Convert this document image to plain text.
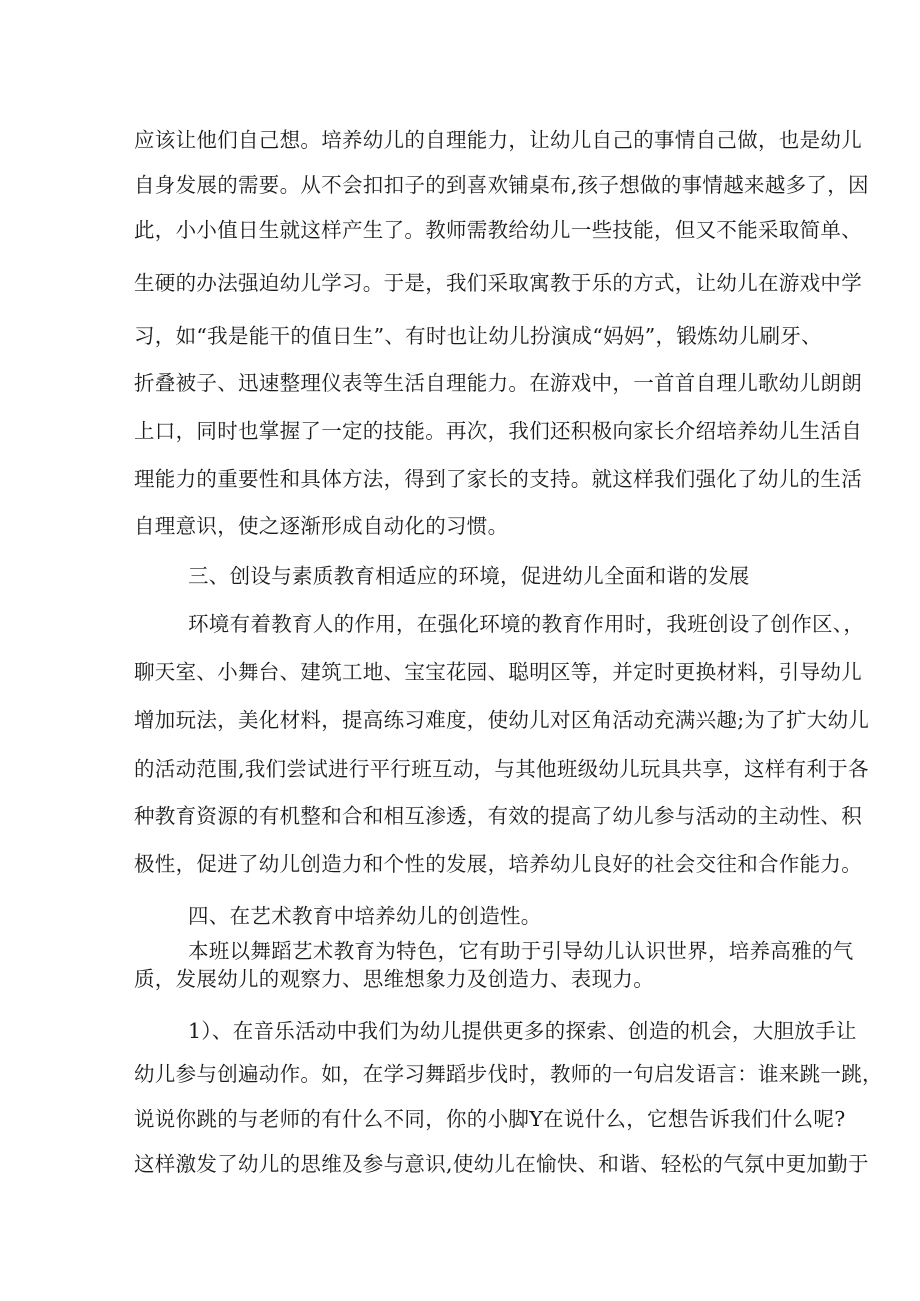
应该让他们自己想。培养幼儿的自理能力，让幼儿自己的事情自己做，也是幼儿
自身发展的需要。从不会扣扣子的到喜欢铺桌布,孩子想做的事情越来越多了，因
此，小小值日生就这样产生了。教师需教给幼儿一些技能，但又不能采取简单、
生硬的办法强迫幼儿学习。于是，我们采取寓教于乐的方式，让幼儿在游戏中学
习，如“我是能干的值日生”、有时也让幼儿扮演成“妈妈”，锻炼幼儿刷牙、
折叠被子、迅速整理仪表等生活自理能力。在游戏中，一首首自理儿歌幼儿朗朗
上口，同时也掌握了一定的技能。再次，我们还积极向家长介绍培养幼儿生活自
理能力的重要性和具体方法，得到了家长的支持。就这样我们强化了幼儿的生活
自理意识，使之逐渐形成自动化的习惯。
三、创设与素质教育相适应的环境，促进幼儿全面和谐的发展
环境有着教育人的作用，在强化环境的教育作用时，我班创设了创作区、，
聊天室、小舞台、建筑工地、宝宝花园、聪明区等，并定时更换材料，引导幼儿
增加玩法，美化材料，提高练习难度，使幼儿对区角活动充满兴趣;为了扩大幼儿
的活动范围,我们尝试进行平行班互动，与其他班级幼儿玩具共享，这样有利于各
种教育资源的有机整和合和相互渗透，有效的提高了幼儿参与活动的主动性、积
极性，促进了幼儿创造力和个性的发展，培养幼儿良好的社会交往和合作能力。
四、在艺术教育中培养幼儿的创造性。
本班以舞蹈艺术教育为特色，它有助于引导幼儿认识世界，培养高雅的气
质，发展幼儿的观察力、思维想象力及创造力、表现力。
1）、在音乐活动中我们为幼儿提供更多的探索、创造的机会，大胆放手让
幼儿参与创遍动作。如，在学习舞蹈步伐时，教师的一句启发语言：谁来跳一跳，
说说你跳的与老师的有什么不同，你的小脚Y在说什么，它想告诉我们什么呢?
这样激发了幼儿的思维及参与意识,使幼儿在愉快、和谐、轻松的气氛中更加勤于
